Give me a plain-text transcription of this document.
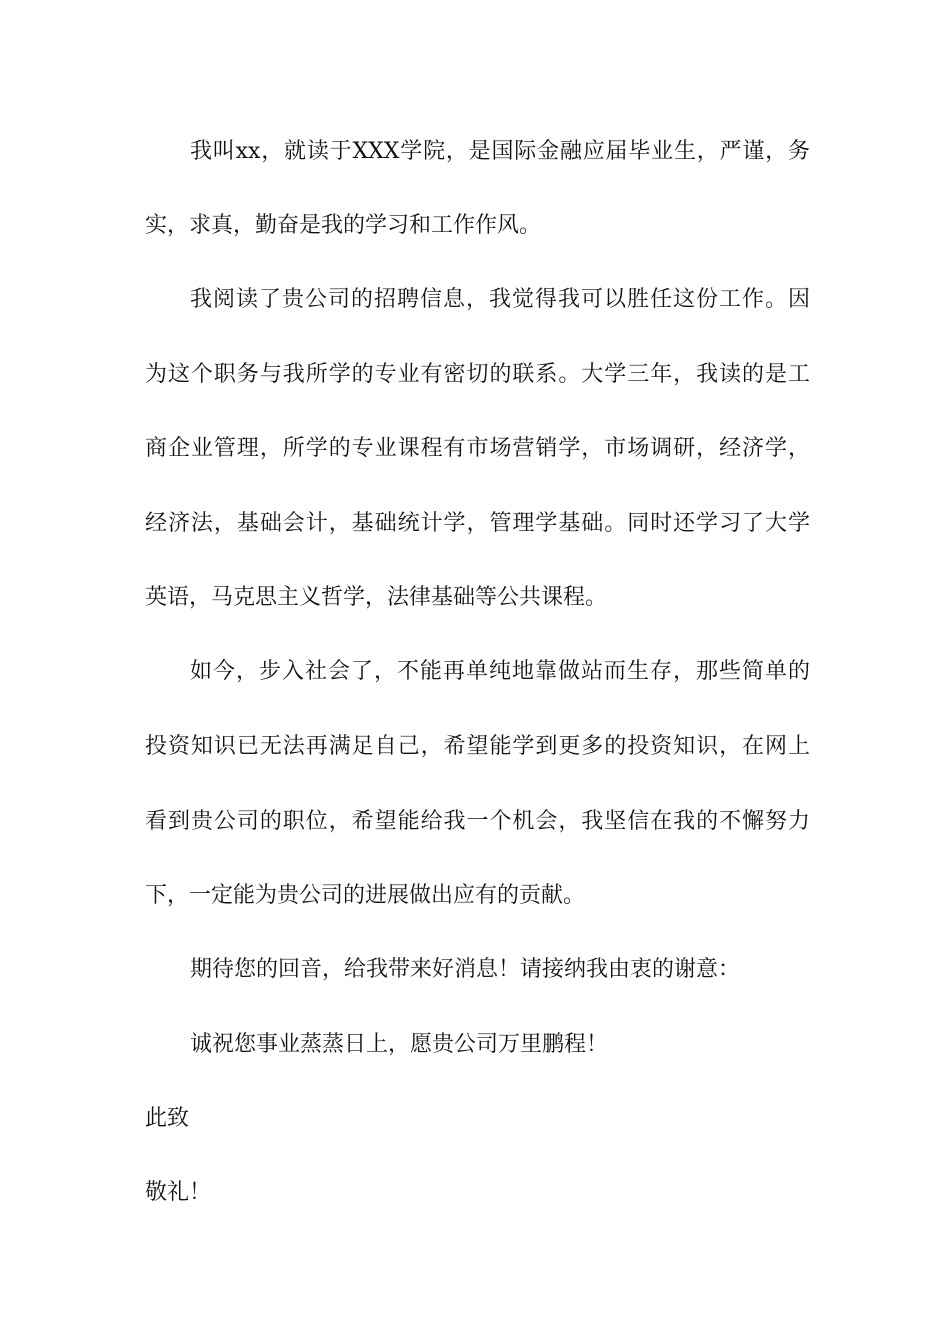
我叫xx，就读于XXX学院，是国际金融应届毕业生，严谨，务
实，求真，勤奋是我的学习和工作作风。
我阅读了贵公司的招聘信息，我觉得我可以胜任这份工作。因
为这个职务与我所学的专业有密切的联系。大学三年，我读的是工
商企业管理，所学的专业课程有市场营销学，市场调研，经济学，
经济法，基础会计，基础统计学，管理学基础。同时还学习了大学
英语，马克思主义哲学，法律基础等公共课程。
如今，步入社会了，不能再单纯地靠做站而生存，那些简单的
投资知识已无法再满足自己，希望能学到更多的投资知识，在网上
看到贵公司的职位，希望能给我一个机会，我坚信在我的不懈努力
下，一定能为贵公司的进展做出应有的贡献。
期待您的回音，给我带来好消息！请接纳我由衷的谢意：
诚祝您事业蒸蒸日上，愿贵公司万里鹏程！
此致
敬礼！
